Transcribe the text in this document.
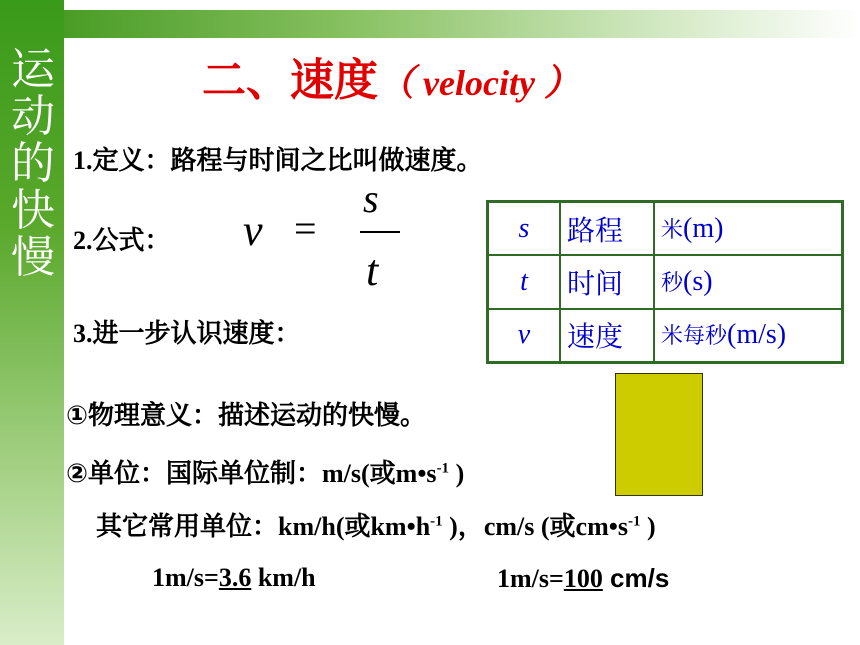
运动的快慢
二、速度（ velocity ）
1.定义：路程与时间之比叫做速度。
2.公式： v =
s
t
3.进一步认识速度：
s	路程	米(m)
t	时间	秒(s)
v	速度	米每秒(m/s)
①物理意义：描述运动的快慢。
②单位：国际单位制：m/s(或$m•s^{-1}$ )
其它常用单位：km/h(或$km•h^{-1}$ )，cm/s (或$cm•s^{-1}$ )
1m/s=3.6 km/h	1m/s=100 cm/s
